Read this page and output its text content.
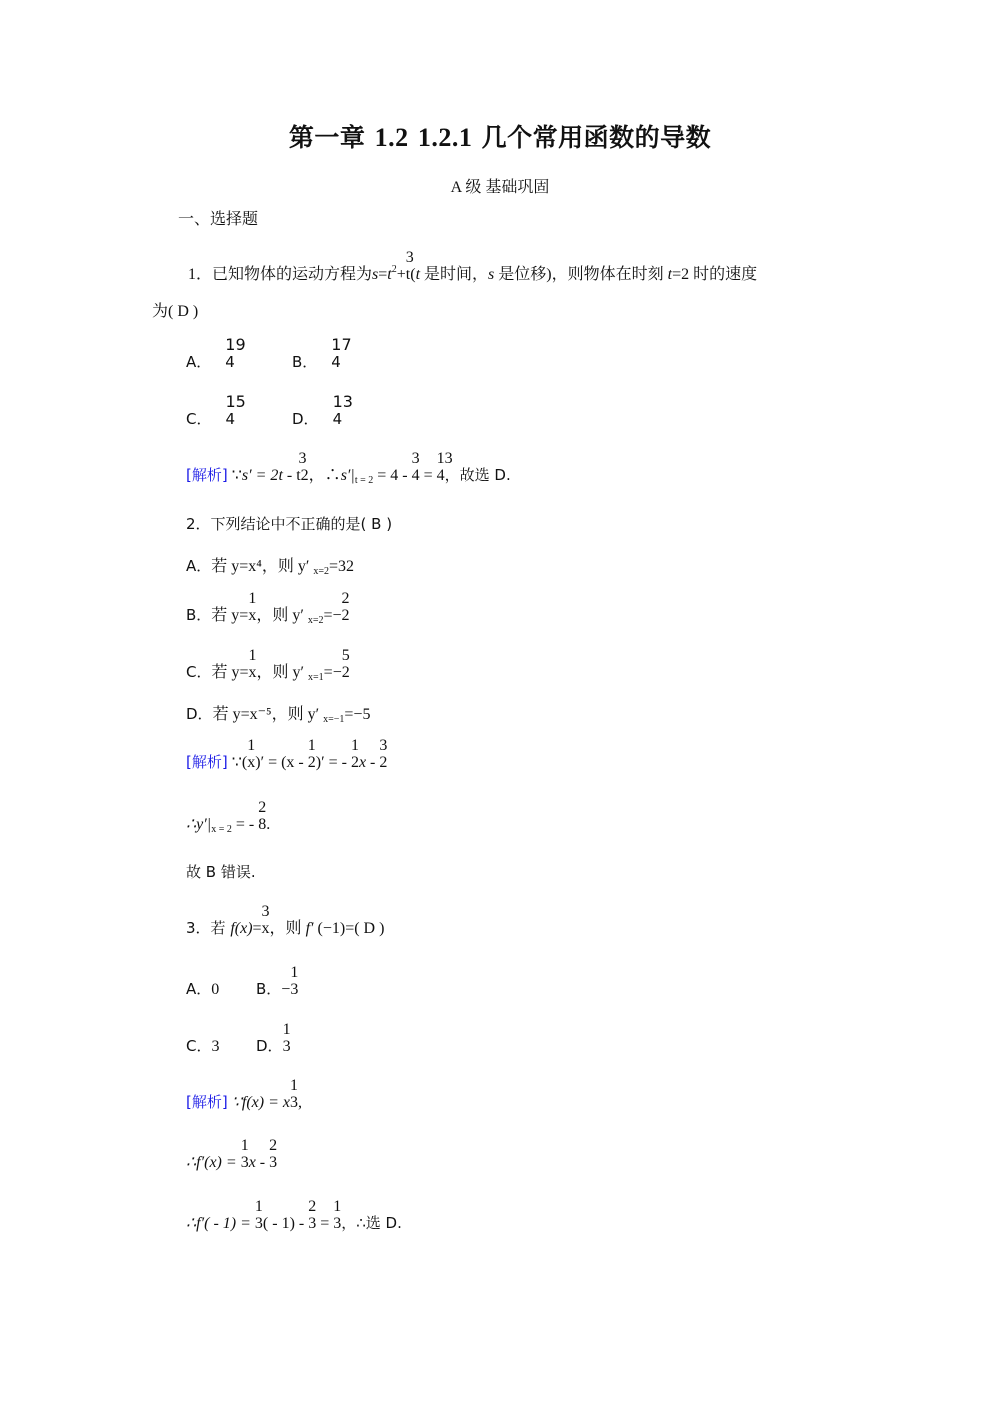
第一章 1.2 1.2.1 几个常用函数的导数
A 级 基础巩固
一、选择题
1．已知物体的运动方程为$s=t^2+$
3
t(t 是时间，s 是位移)，则物体在时刻 t=2 时的速度
为( D )
A．
19
4	B．
17
4
C．
15
4	D．
13
4
[解析] ∵s′ = 2t -
3
t2，$\therefore s'|_{t = 2} = 4$ -
3
4 =
13
4，故选 D.
2．下列结论中不正确的是( B )
A．若 y=x⁴，则 y′ $_{x=2}$=32
B．若 y=
1
x，则 y′ $_{x=2}$=−
2
2
C．若 y=
1
x，则 y′ $_{x=1}$=−
5
2
D．若 y=x⁻⁵，则 y′ $_{x=-1}$=−5
[解析] ∵(
1
x)′ = (x -
1
2)′ = -
1
2x -
3
2
$\therefore y'|_{x = 2}$ = -
2
8.
故 B 错误.
3．若 f(x)=
3
x，则 f′ (−1)=( D )
A．0 B．−
1
3
C．3 D．
1
3
[解析] ∵f(x) = x
1
3,
∴f′(x) =
1
3x -
2
3
∴f′( - 1) =
1
3( - 1) -
2
3 =
1
3，∴选 D.
